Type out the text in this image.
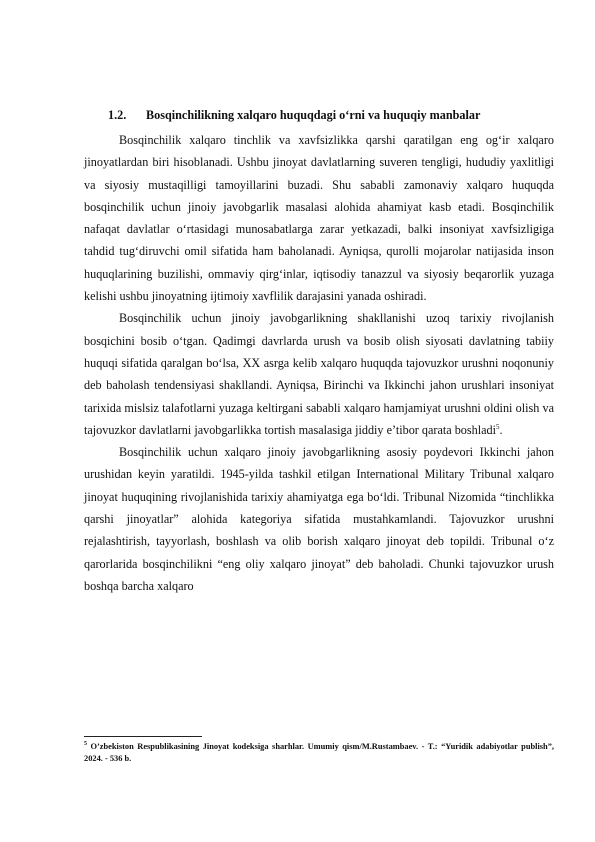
1.2. Bosqinchilikning xalqaro huquqdagi o‘rni va huquqiy manbalar

Bosqinchilik xalqaro tinchlik va xavfsizlikka qarshi qaratilgan eng og‘ir xalqaro jinoyatlardan biri hisoblanadi. Ushbu jinoyat davlatlarning suveren tengligi, hududiy yaxlitligi va siyosiy mustaqilligi tamoyillarini buzadi. Shu sababli zamonaviy xalqaro huquqda bosqinchilik uchun jinoiy javobgarlik masalasi alohida ahamiyat kasb etadi. Bosqinchilik nafaqat davlatlar o‘rtasidagi munosabatlarga zarar yetkazadi, balki insoniyat xavfsizligiga tahdid tug‘diruvchi omil sifatida ham baholanadi. Ayniqsa, qurolli mojarolar natijasida inson huquqlarining buzilishi, ommaviy qirg‘inlar, iqtisodiy tanazzul va siyosiy beqarorlik yuzaga kelishi ushbu jinoyatning ijtimoiy xavflilik darajasini yanada oshiradi.

Bosqinchilik uchun jinoiy javobgarlikning shakllanishi uzoq tarixiy rivojlanish bosqichini bosib o‘tgan. Qadimgi davrlarda urush va bosib olish siyosati davlatning tabiiy huquqi sifatida qaralgan bo‘lsa, XX asrga kelib xalqaro huquqda tajovuzkor urushni noqonuniy deb baholash tendensiyasi shakllandi. Ayniqsa, Birinchi va Ikkinchi jahon urushlari insoniyat tarixida mislsiz talafotlarni yuzaga keltirgani sababli xalqaro hamjamiyat urushni oldini olish va tajovuzkor davlatlarni javobgarlikka tortish masalasiga jiddiy e’tibor qarata boshladi$^5$.

Bosqinchilik uchun xalqaro jinoiy javobgarlikning asosiy poydevori Ikkinchi jahon urushidan keyin yaratildi. 1945-yilda tashkil etilgan International Military Tribunal xalqaro jinoyat huquqining rivojlanishida tarixiy ahamiyatga ega bo‘ldi. Tribunal Nizomida “tinchlikka qarshi jinoyatlar” alohida kategoriya sifatida mustahkamlandi. Tajovuzkor urushni rejalashtirish, tayyorlash, boshlash va olib borish xalqaro jinoyat deb topildi. Tribunal o‘z qarorlarida bosqinchilikni “eng oliy xalqaro jinoyat” deb baholadi. Chunki tajovuzkor urush boshqa barcha xalqaro

$^5$ O’zbekiston Respublikasining Jinoyat kodeksiga sharhlar. Umumiy qism/M.Rustambaev. - T.: “Yuridik adabiyotlar publish”, 2024. - 536 b.
